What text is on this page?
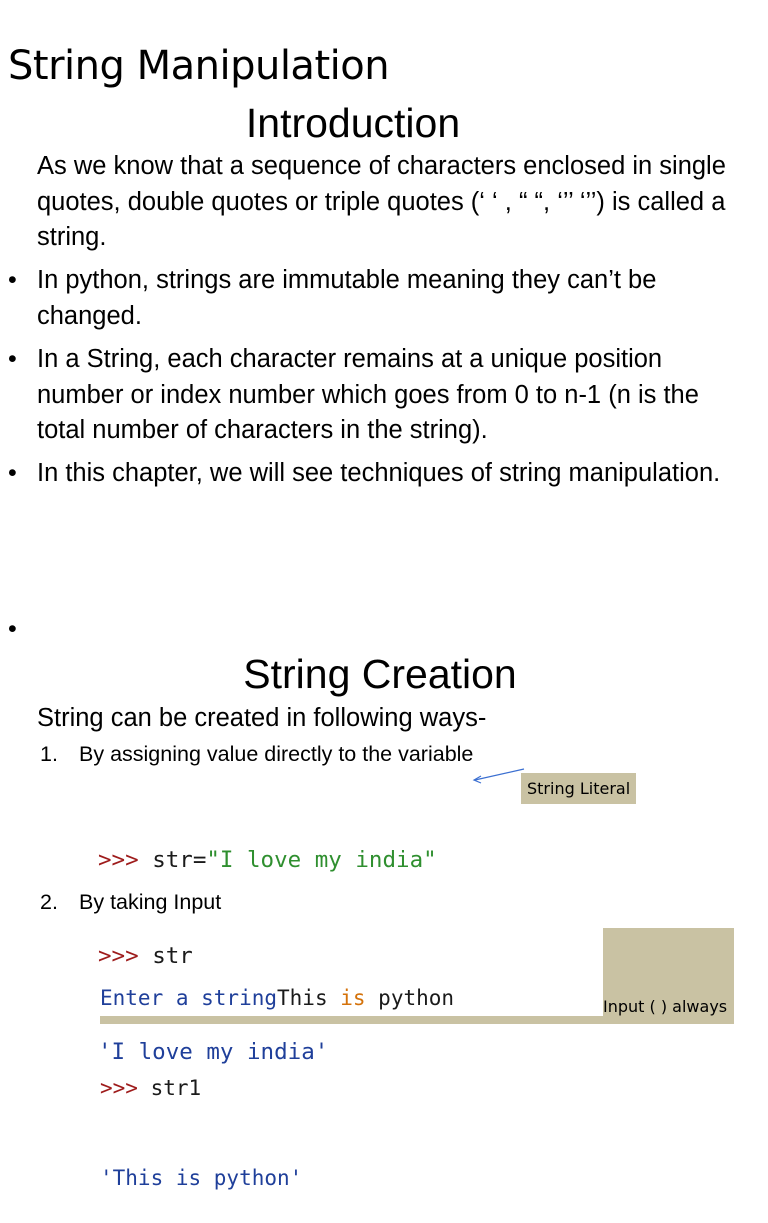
String Manipulation
Introduction
As we know that a sequence of characters enclosed in single quotes, double quotes or triple quotes (‘ ‘ , “ “, ‘’’ ‘’’) is called a string.
• In python, strings are immutable meaning they can’t be changed.
• In a String, each character remains at a unique position number or index number which goes from 0 to n-1 (n is the total number of characters in the string).
• In this chapter, we will see techniques of string manipulation.
•
String Creation
String can be created in following ways-
1. By assigning value directly to the variable

>>> str="I love my india"

>>> str

'I love my india'

String Literal
2. By taking Input

Enter a stringThis is python

>>> str1

'This is python'

Input ( ) always
